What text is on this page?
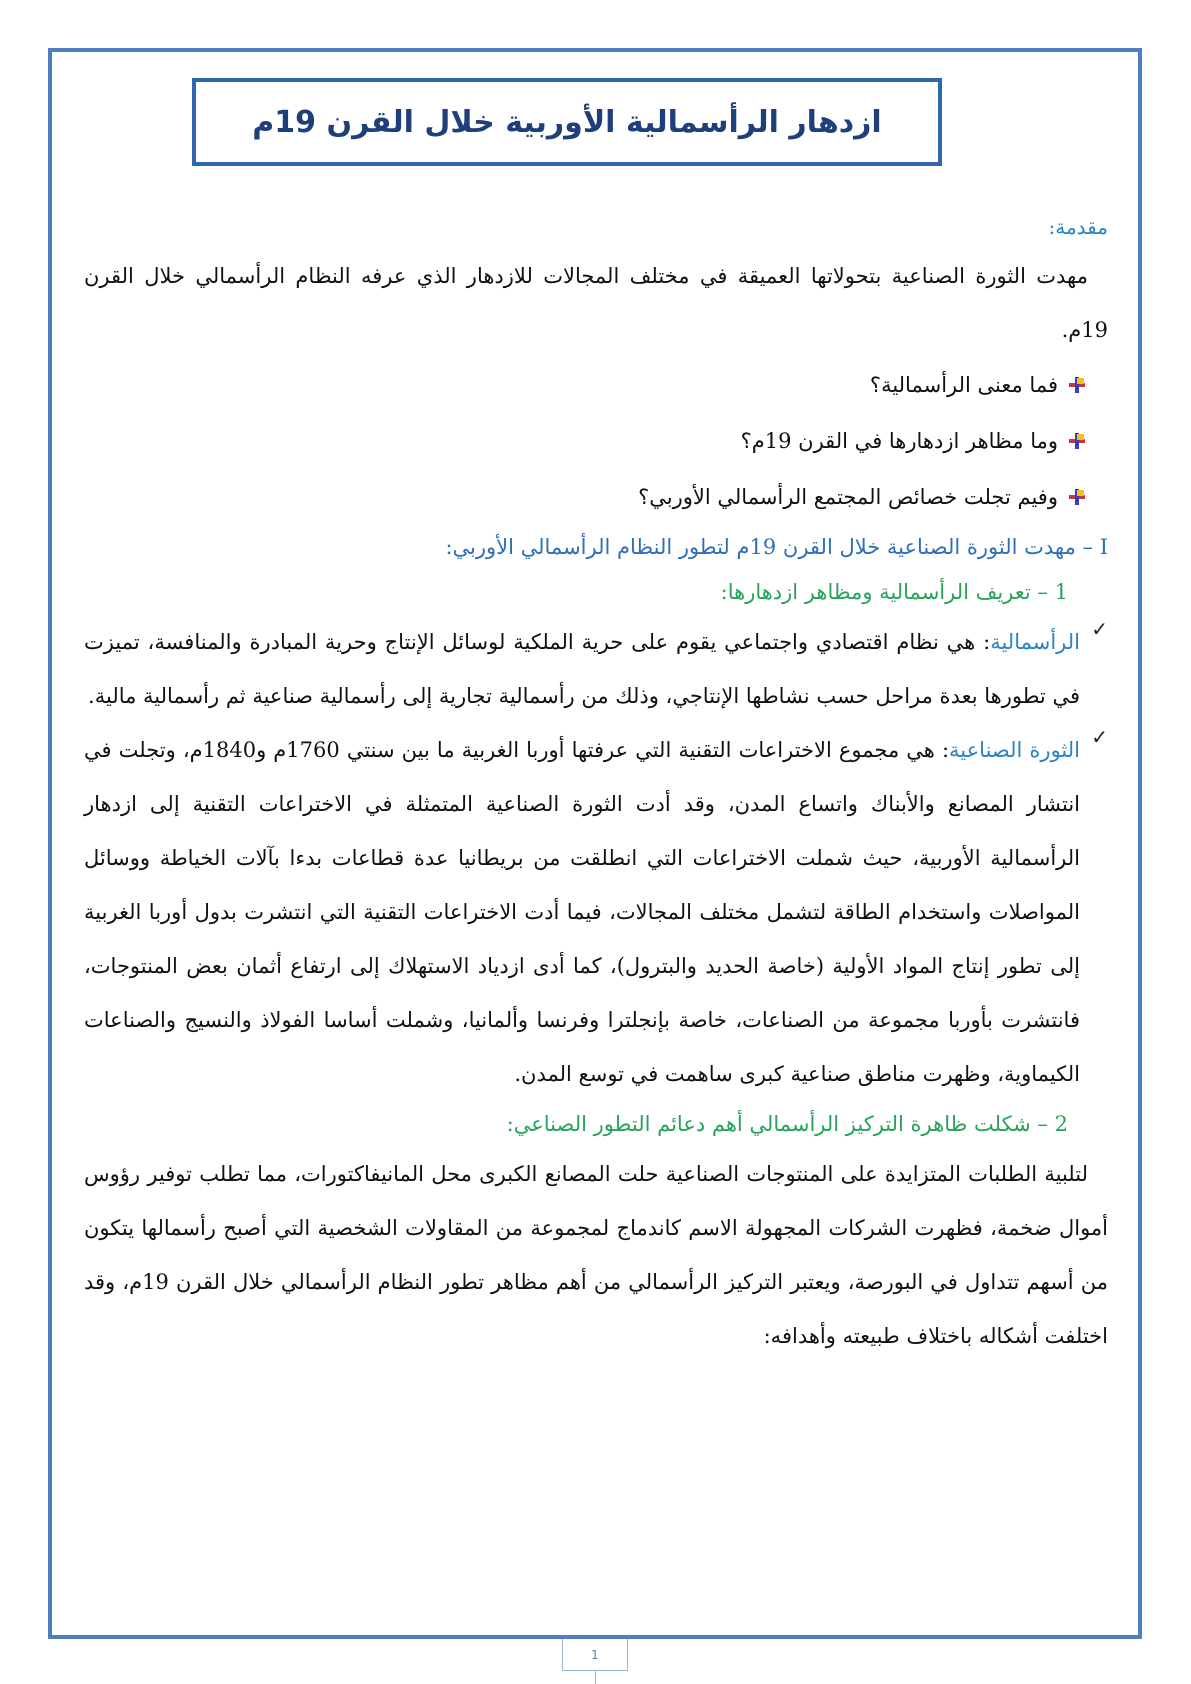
ازدهار الرأسمالية الأوربية خلال القرن 19م
مقدمة:

مهدت الثورة الصناعية بتحولاتها العميقة في مختلف المجالات للازدهار الذي عرفه النظام الرأسمالي خلال القرن 19م.

فما معنى الرأسمالية؟
وما مظاهر ازدهارها في القرن 19م؟
وفيم تجلت خصائص المجتمع الرأسمالي الأوربي؟
I – مهدت الثورة الصناعية خلال القرن 19م لتطور النظام الرأسمالي الأوربي:
1 – تعريف الرأسمالية ومظاهر ازدهارها:
✓

الرأسمالية: هي نظام اقتصادي واجتماعي يقوم على حرية الملكية لوسائل الإنتاج وحرية المبادرة والمنافسة، تميزت في تطورها بعدة مراحل حسب نشاطها الإنتاجي، وذلك من رأسمالية تجارية إلى رأسمالية صناعية ثم رأسمالية مالية.

✓

الثورة الصناعية: هي مجموع الاختراعات التقنية التي عرفتها أوربا الغربية ما بين سنتي 1760م و1840م، وتجلت في انتشار المصانع والأبناك واتساع المدن، وقد أدت الثورة الصناعية المتمثلة في الاختراعات التقنية إلى ازدهار الرأسمالية الأوربية، حيث شملت الاختراعات التي انطلقت من بريطانيا عدة قطاعات بدءا بآلات الخياطة ووسائل المواصلات واستخدام الطاقة لتشمل مختلف المجالات، فيما أدت الاختراعات التقنية التي انتشرت بدول أوربا الغربية إلى تطور إنتاج المواد الأولية (خاصة الحديد والبترول)، كما أدى ازدياد الاستهلاك إلى ارتفاع أثمان بعض المنتوجات، فانتشرت بأوربا مجموعة من الصناعات، خاصة بإنجلترا وفرنسا وألمانيا، وشملت أساسا الفولاذ والنسيج والصناعات الكيماوية، وظهرت مناطق صناعية كبرى ساهمت في توسع المدن.

2 – شكلت ظاهرة التركيز الرأسمالي أهم دعائم التطور الصناعي:

لتلبية الطلبات المتزايدة على المنتوجات الصناعية حلت المصانع الكبرى محل المانيفاكتورات، مما تطلب توفير رؤوس أموال ضخمة، فظهرت الشركات المجهولة الاسم كاندماج لمجموعة من المقاولات الشخصية التي أصبح رأسمالها يتكون من أسهم تتداول في البورصة، ويعتبر التركيز الرأسمالي من أهم مظاهر تطور النظام الرأسمالي خلال القرن 19م، وقد اختلفت أشكاله باختلاف طبيعته وأهدافه:

1
